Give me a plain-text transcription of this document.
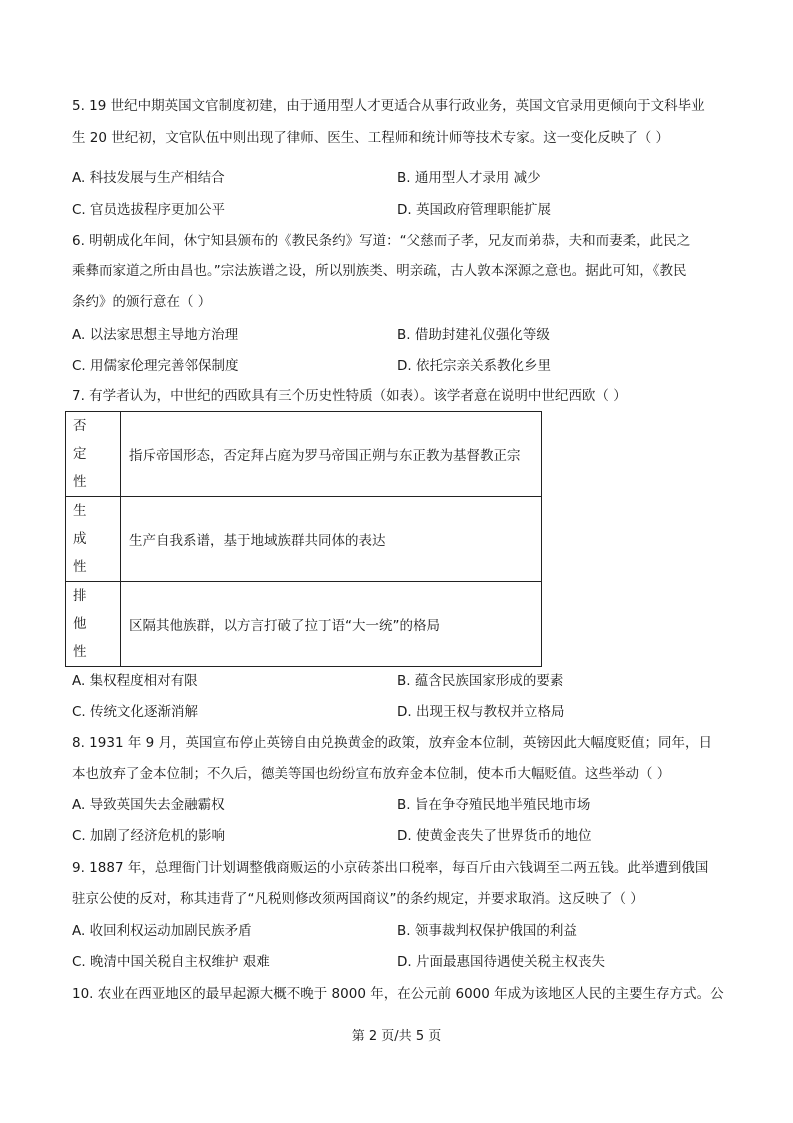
5. 19 世纪中期英国文官制度初建，由于通用型人才更适合从事行政业务，英国文官录用更倾向于文科毕业
生 20 世纪初，文官队伍中则出现了律师、医生、工程师和统计师等技术专家。这一变化反映了（ ）
A. 科技发展与生产相结合	B. 通用型人才录用 减少
C. 官员选拔程序更加公平	D. 英国政府管理职能扩展
6. 明朝成化年间，休宁知县颁布的《教民条约》写道：“父慈而子孝，兄友而弟恭，夫和而妻柔，此民之
乘彝而家道之所由昌也。”宗法族谱之设，所以别族类、明亲疏，古人敦本深源之意也。据此可知，《教民
条约》的颁行意在（ ）
A. 以法家思想主导地方治理	B. 借助封建礼仪强化等级
C. 用儒家伦理完善邻保制度	D. 依托宗亲关系教化乡里
7. 有学者认为，中世纪的西欧具有三个历史性特质（如表）。该学者意在说明中世纪西欧（ ）
否定
性	指斥帝国形态，否定拜占庭为罗马帝国正朔与东正教为基督教正宗

生成
性	生产自我系谱，基于地域族群共同体的表达

排他
性	区隔其他族群，以方言打破了拉丁语“大一统”的格局
A. 集权程度相对有限	B. 蕴含民族国家形成的要素
C. 传统文化逐渐消解	D. 出现王权与教权并立格局
8. 1931 年 9 月，英国宣布停止英镑自由兑换黄金的政策，放弃金本位制，英镑因此大幅度贬值；同年，日
本也放弃了金本位制；不久后，德美等国也纷纷宣布放弃金本位制，使本币大幅贬值。这些举动（ ）
A. 导致英国失去金融霸权	B. 旨在争夺殖民地半殖民地市场
C. 加剧了经济危机的影响	D. 使黄金丧失了世界货币的地位
9. 1887 年，总理衙门计划调整俄商贩运的小京砖茶出口税率，每百斤由六钱调至二两五钱。此举遭到俄国
驻京公使的反对，称其违背了“凡税则修改须两国商议”的条约规定，并要求取消。这反映了（ ）
A. 收回利权运动加剧民族矛盾	B. 领事裁判权保护俄国的利益
C. 晚清中国关税自主权维护 艰难	D. 片面最惠国待遇使关税主权丧失
10. 农业在西亚地区的最早起源大概不晚于 8000 年，在公元前 6000 年成为该地区人民的主要生存方式。公
第 2 页/共 5 页
